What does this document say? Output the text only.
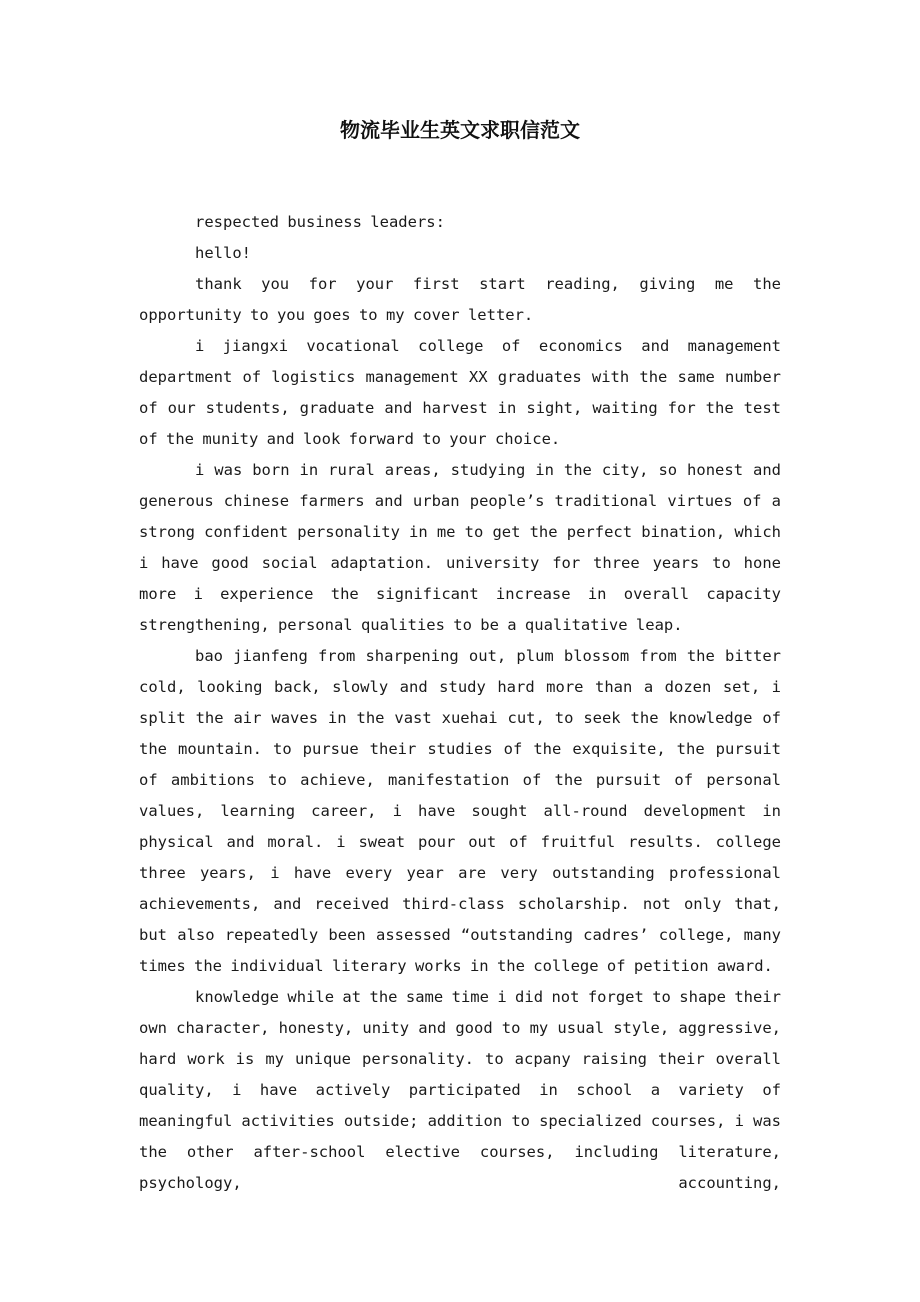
物流毕业生英文求职信范文

respected business leaders:

hello!

thank you for your first start reading, giving me the opportunity to you goes to my cover letter.

i jiangxi vocational college of economics and management department of logistics management XX graduates with the same number of our students, graduate and harvest in sight, waiting for the test of the munity and look forward to your choice.

i was born in rural areas, studying in the city, so honest and generous chinese farmers and urban people’s traditional virtues of a strong confident personality in me to get the perfect bination, which i have good social adaptation. university for three years to hone more i experience the significant increase in overall capacity strengthening, personal qualities to be a qualitative leap.

bao jianfeng from sharpening out, plum blossom from the bitter cold, looking back, slowly and study hard more than a dozen set, i split the air waves in the vast xuehai cut, to seek the knowledge of the mountain. to pursue their studies of the exquisite, the pursuit of ambitions to achieve, manifestation of the pursuit of personal values, learning career, i have sought all-round development in physical and moral. i sweat pour out of fruitful results. college three years, i have every year are very outstanding professional achievements, and received third-class scholarship. not only that, but also repeatedly been assessed “outstanding cadres’ college, many times the individual literary works in the college of petition award.

knowledge while at the same time i did not forget to shape their own character, honesty, unity and good to my usual style, aggressive, hard work is my unique personality. to acpany raising their overall quality, i have actively participated in school a variety of meaningful activities outside; addition to specialized courses, i was the other after-school elective courses, including literature, psychology, accounting,
